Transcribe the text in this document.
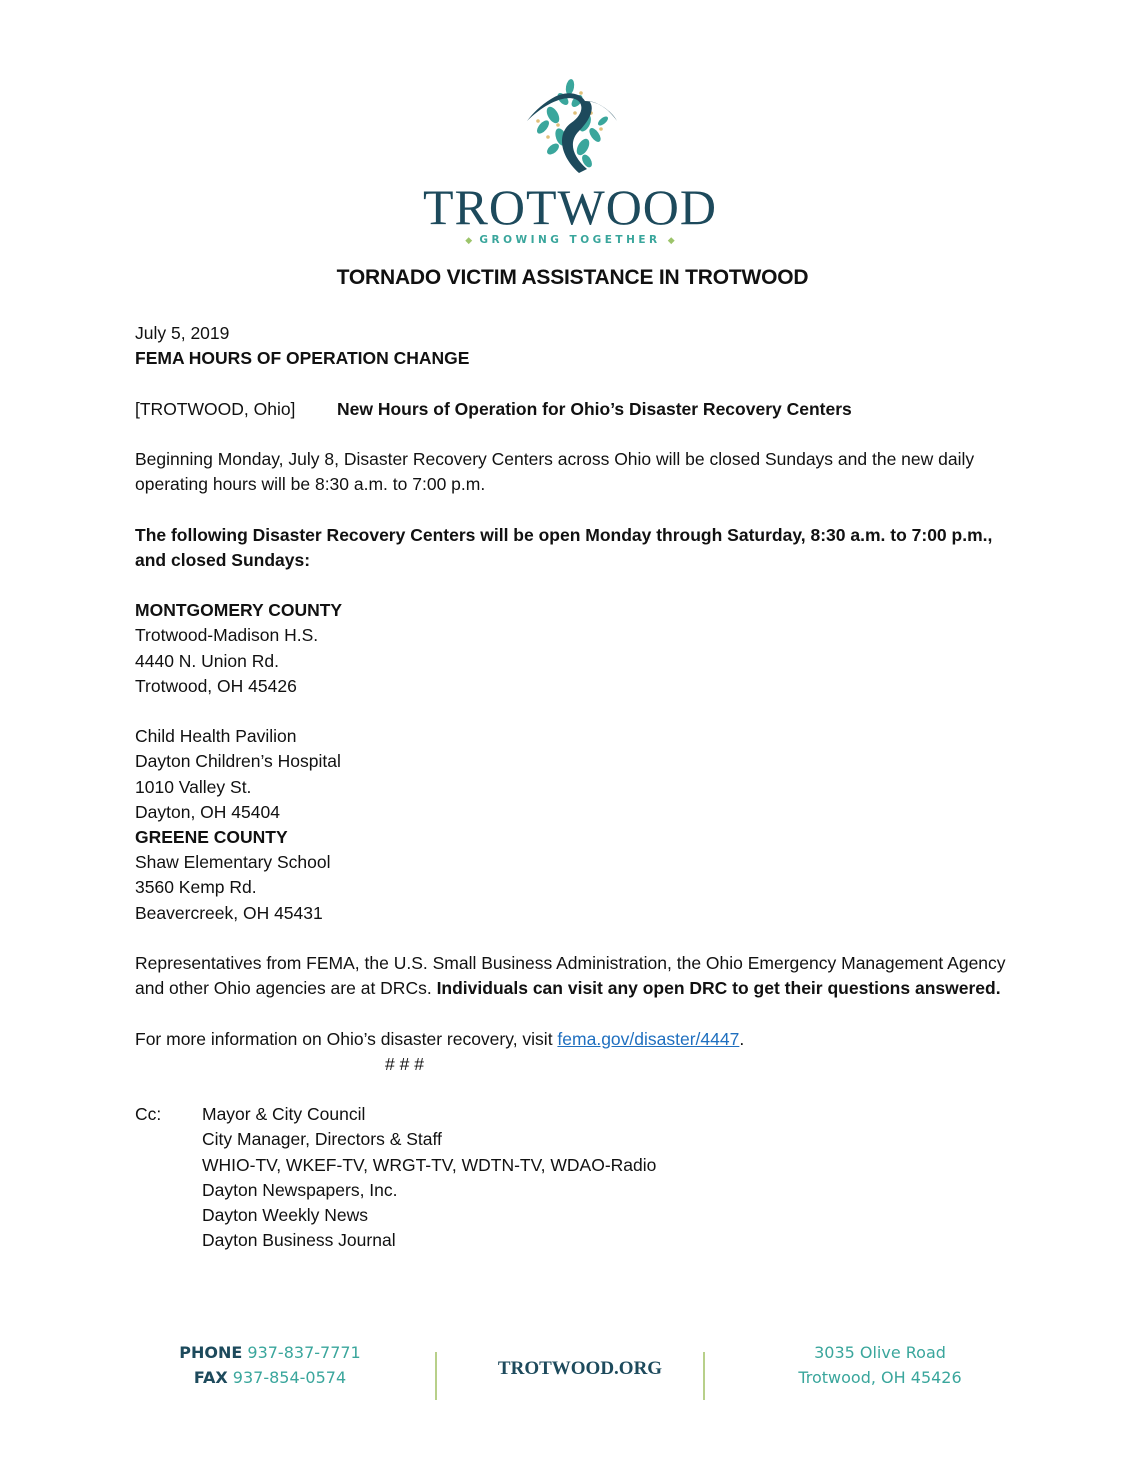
TROTWOOD
◆ GROWING TOGETHER ◆
TORNADO VICTIM ASSISTANCE IN TROTWOOD

July 5, 2019

FEMA HOURS OF OPERATION CHANGE

[TROTWOOD, Ohio] New Hours of Operation for Ohio’s Disaster Recovery Centers

Beginning Monday, July 8, Disaster Recovery Centers across Ohio will be closed Sundays and the new daily operating hours will be 8:30 a.m. to 7:00 p.m.

The following Disaster Recovery Centers will be open Monday through Saturday, 8:30 a.m. to 7:00 p.m., and closed Sundays:

MONTGOMERY COUNTY

Trotwood-Madison H.S.

4440 N. Union Rd.

Trotwood, OH 45426

Child Health Pavilion

Dayton Children’s Hospital

1010 Valley St.

Dayton, OH 45404

GREENE COUNTY

Shaw Elementary School

3560 Kemp Rd.

Beavercreek, OH 45431

Representatives from FEMA, the U.S. Small Business Administration, the Ohio Emergency Management Agency and other Ohio agencies are at DRCs. Individuals can visit any open DRC to get their questions answered.

For more information on Ohio’s disaster recovery, visit fema.gov/disaster/4447.

# # #

Cc:	Mayor & City Council
City Manager, Directors & Staff
WHIO-TV, WKEF-TV, WRGT-TV, WDTN-TV, WDAO-Radio
Dayton Newspapers, Inc.
Dayton Weekly News
Dayton Business Journal
PHONE 937-837-7771
FAX 937-854-0574	TROTWOOD.ORG
3035 Olive Road
Trotwood, OH 45426
